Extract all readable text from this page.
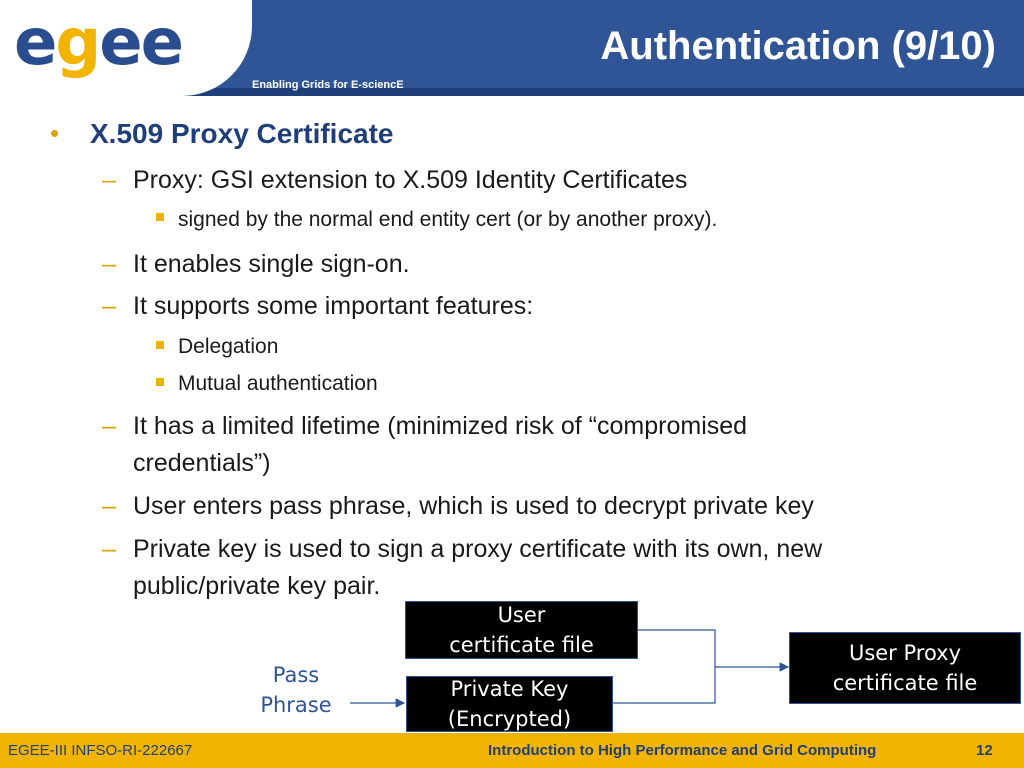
egee
Enabling Grids for E-sciencE
Authentication (9/10)
• X.509 Proxy Certificate
– Proxy: GSI extension to X.509 Identity Certificates
signed by the normal end entity cert (or by another proxy).
– It enables single sign-on.
– It supports some important features:
Delegation
Mutual authentication
– It has a limited lifetime (minimized risk of “compromised
credentials”)
– User enters pass phrase, which is used to decrypt private key
– Private key is used to sign a proxy certificate with its own, new
public/private key pair.
User
certificate file
Private Key
(Encrypted)
User Proxy
certificate file
Pass
Phrase
EGEE-III INFSO-RI-222667	Introduction to High Performance and Grid Computing	12
